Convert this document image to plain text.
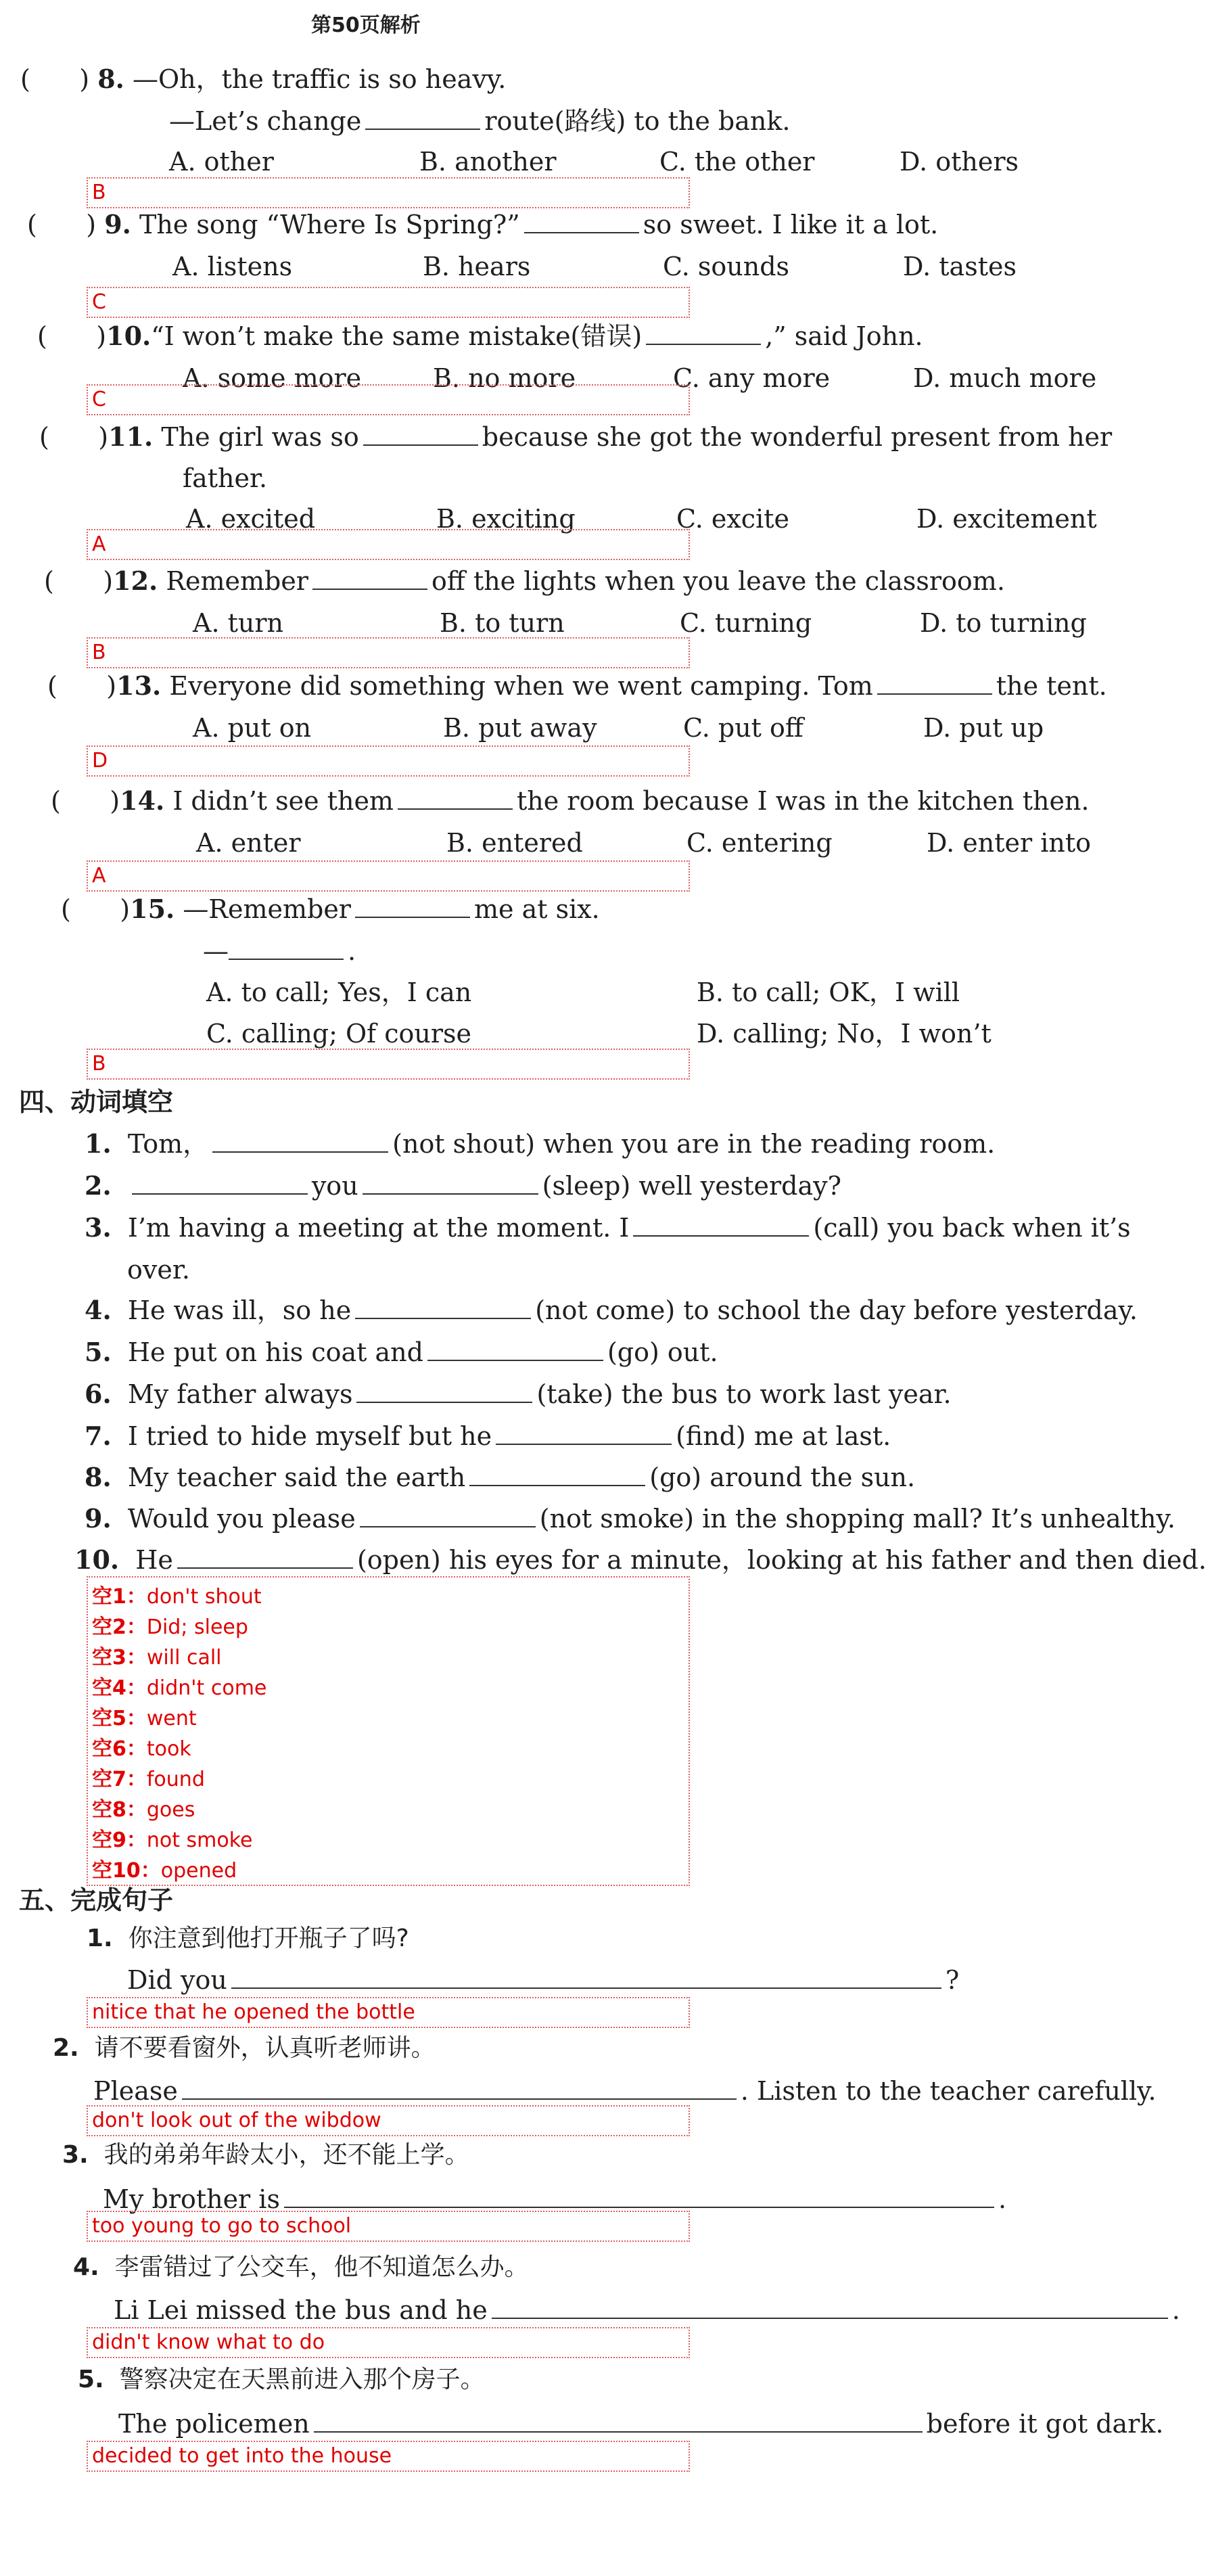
第50页解析
(      ) 8. —Oh，the traffic is so heavy.
—Let’s change	route(路线) to the bank.
A. other	B. another	C. the other	D. others
B
(      ) 9. The song “Where Is Spring?”	so sweet. I like it a lot.
A. listens	B. hears	C. sounds	D. tastes
C
(      )10.“I won’t make the same mistake(错误)	,” said John.
A. some more	B. no more	C. any more	D. much more
C
(      )11. The girl was so	because she got the wonderful present from her
father.
A. excited	B. exciting	C. excite	D. excitement
A
(      )12. Remember	off the lights when you leave the classroom.
A. turn	B. to turn	C. turning	D. to turning
B
(      )13. Everyone did something when we went camping. Tom	the tent.
A. put on	B. put away	C. put off	D. put up
D
(      )14. I didn’t see them	the room because I was in the kitchen then.
A. enter	B. entered	C. entering	D. enter into
A
(      )15. —Remember	me at six.
—	.
A. to call; Yes，I can	B. to call; OK，I will
C. calling; Of course	D. calling; No，I won’t
B
四、动词填空
1. Tom，	(not shout) when you are in the reading room.
2.	you	(sleep) well yesterday?
3. I’m having a meeting at the moment. I	(call) you back when it’s
over.
4. He was ill，so he	(not come) to school the day before yesterday.
5. He put on his coat and	(go) out.
6. My father always	(take) the bus to work last year.
7. I tried to hide myself but he	(find) me at last.
8. My teacher said the earth	(go) around the sun.
9. Would you please	(not smoke) in the shopping mall? It’s unhealthy.
10. He	(open) his eyes for a minute，looking at his father and then died.
空1：don't shout
空2：Did; sleep
空3：will call
空4：didn't come
空5：went
空6：took
空7：found
空8：goes
空9：not smoke
空10：opened
五、完成句子
1. 你注意到他打开瓶子了吗?
Did you	?
nitice that he opened the bottle
2. 请不要看窗外，认真听老师讲。
Please	. Listen to the teacher carefully.
don't look out of the wibdow
3. 我的弟弟年龄太小，还不能上学。
My brother is	.
too young to go to school
4. 李雷错过了公交车，他不知道怎么办。
Li Lei missed the bus and he	.
didn't know what to do
5. 警察决定在天黑前进入那个房子。
The policemen	before it got dark.
decided to get into the house
